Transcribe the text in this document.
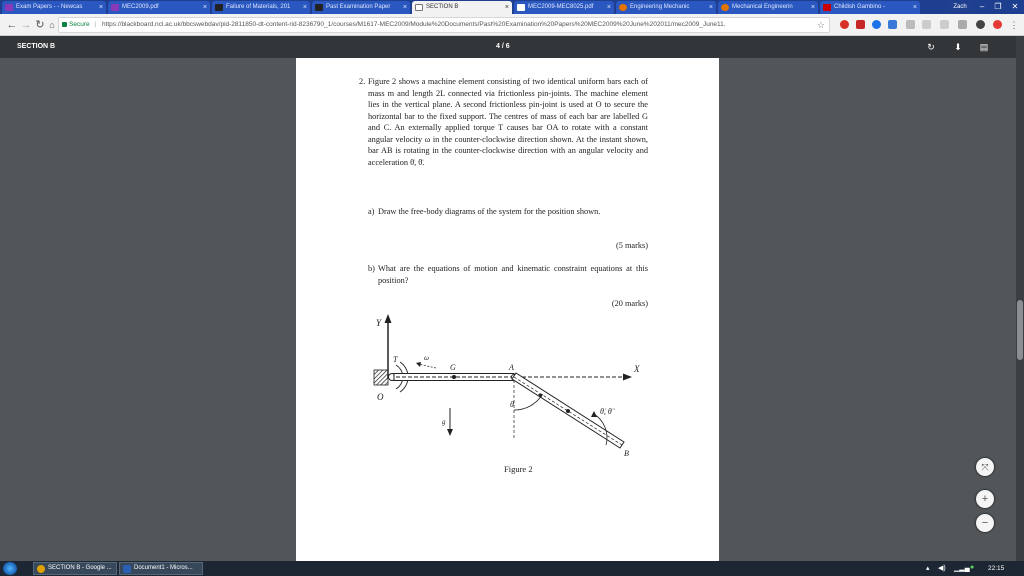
Exam Papers - - Newcas ×	MEC2009.pdf	×	Failure of Materials, 201 ×	Past Examination Paper ×	SECTION B	×	MEC2009-MEC8025.pdf ×	Engineering Mechanic	×	Mechanical Engineerin	×	Childish Gambino -	×	Zach	–	❐	✕
← → ↻ ⌂	Secure | https://blackboard.ncl.ac.uk/bbcswebdav/pid-2811850-dt-content-rid-8236790_1/courses/M1617-MEC2009/Module%20Documents/Past%20Examination%20Papers%20MEC2009%20June%202011/mec2009_June11.	☆	⋮
SECTION B	4 / 6	↻ ⬇ ▤
2. Figure 2 shows a machine element consisting of two identical uniform bars each of mass m and length 2L connected via frictionless pin-joints. The machine element lies in the vertical plane. A second frictionless pin-joint is used at O to secure the horizontal bar to the fixed support. The centres of mass of each bar are labelled G and C. An externally applied torque T causes bar OA to rotate with a constant angular velocity ω in the counter-clockwise direction shown. At the instant shown, bar AB is rotating in the counter-clockwise direction with an angular velocity and acceleration θ̇, θ̈.
a) Draw the free-body diagrams of the system for the position shown.
(5 marks)
b) What are the equations of motion and kinematic constraint equations at this position?
(20 marks)
Y
O
T	ω
X
G	A
B
θ
θ̇, θ̈
g
Figure 2	⤧
+
−
SECTION B - Google ...	Document1 - Micros...	▴ ◀) ▁▂▄ ● 22:15
